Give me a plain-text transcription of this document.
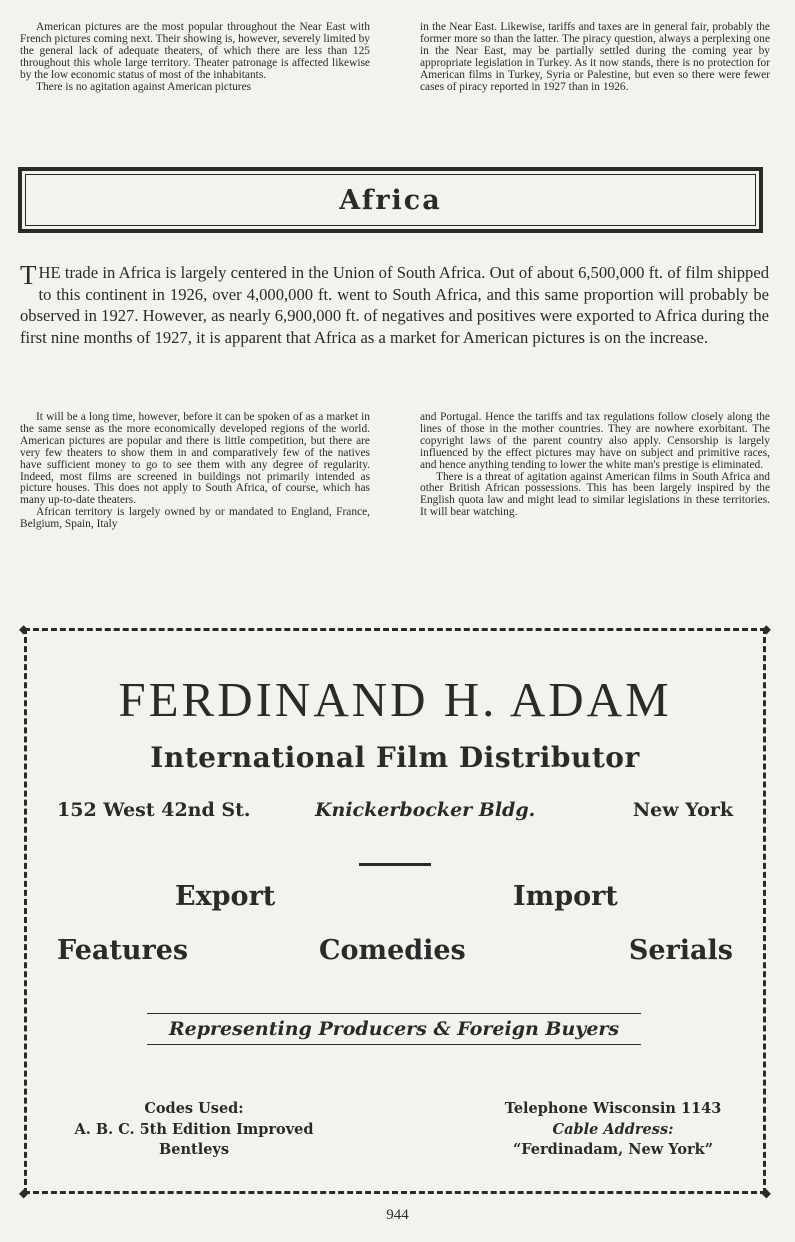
American pictures are the most popular throughout the Near East with French pictures coming next. Their showing is, however, severely limited by the general lack of adequate theaters, of which there are less than 125 throughout this whole large territory. Theater patronage is affected likewise by the low economic status of most of the inhabitants.

There is no agitation against American pictures

in the Near East. Likewise, tariffs and taxes are in general fair, probably the former more so than the latter. The piracy question, always a perplexing one in the Near East, may be partially settled during the coming year by appropriate legislation in Turkey. As it now stands, there is no protection for American films in Turkey, Syria or Palestine, but even so there were fewer cases of piracy reported in 1927 than in 1926.

Africa

THE trade in Africa is largely centered in the Union of South Africa. Out of about 6,500,000 ft. of film shipped to this continent in 1926, over 4,000,000 ft. went to South Africa, and this same proportion will probably be observed in 1927. However, as nearly 6,900,000 ft. of negatives and positives were exported to Africa during the first nine months of 1927, it is apparent that Africa as a market for American pictures is on the increase.

It will be a long time, however, before it can be spoken of as a market in the same sense as the more economically developed regions of the world. American pictures are popular and there is little competition, but there are very few theaters to show them in and comparatively few of the natives have sufficient money to go to see them with any degree of regularity. Indeed, most films are screened in buildings not primarily intended as picture houses. This does not apply to South Africa, of course, which has many up-to-date theaters.

African territory is largely owned by or mandated to England, France, Belgium, Spain, Italy

and Portugal. Hence the tariffs and tax regulations follow closely along the lines of those in the mother countries. They are nowhere exorbitant. The copyright laws of the parent country also apply. Censorship is largely influenced by the effect pictures may have on subject and primitive races, and hence anything tending to lower the white man's prestige is eliminated.

There is a threat of agitation against American films in South Africa and other British African possessions. This has been largely inspired by the English quota law and might lead to similar legislations in these territories. It will bear watching.

◆	◆
◆	◆
FERDINAND H. ADAM
International Film Distributor
152 West 42nd St.	Knickerbocker Bldg.	New York
Export	Import
Features	Comedies	Serials
Representing Producers & Foreign Buyers
Codes Used:
A. B. C. 5th Edition Improved
Bentleys
Telephone Wisconsin 1143
Cable Address:
“Ferdinadam, New York”
944
